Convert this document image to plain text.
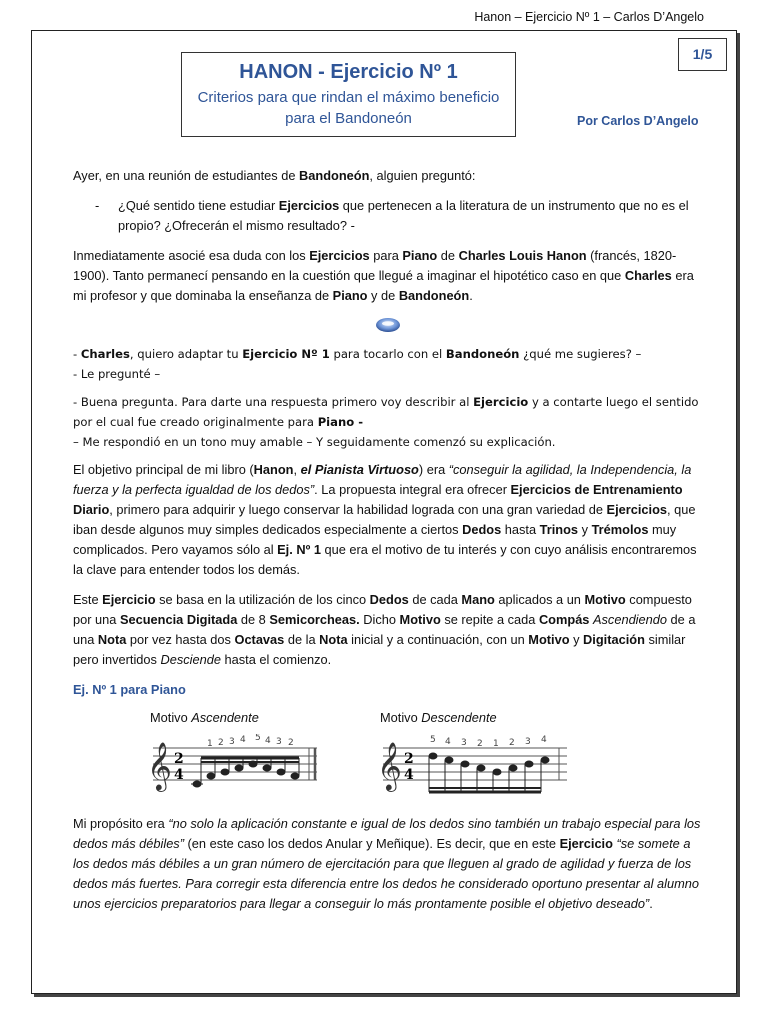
Hanon – Ejercicio Nº 1 – Carlos D’Angelo
1/5
HANON - Ejercicio Nº 1
Criterios para que rindan el máximo beneficio
para el Bandoneón	Por Carlos D’Angelo

Ayer, en una reunión de estudiantes de Bandoneón, alguien preguntó:

-	¿Qué sentido tiene estudiar Ejercicios que pertenecen a la literatura de un instrumento que no es el propio? ¿Ofrecerán el mismo resultado? -

Inmediatamente asocié esa duda con los Ejercicios para Piano de Charles Louis Hanon (francés, 1820-1900). Tanto permanecí pensando en la cuestión que llegué a imaginar el hipotético caso en que Charles era mi profesor y que dominaba la enseñanza de Piano y de Bandoneón.

- Charles, quiero adaptar tu Ejercicio Nº 1 para tocarlo con el Bandoneón ¿qué me sugieres? –
- Le pregunté –

- Buena pregunta. Para darte una respuesta primero voy describir al Ejercicio y a contarte luego el sentido por el cual fue creado originalmente para Piano -
– Me respondió en un tono muy amable – Y seguidamente comenzó su explicación.

El objetivo principal de mi libro (Hanon, el Pianista Virtuoso) era “conseguir la agilidad, la Independencia, la fuerza y la perfecta igualdad de los dedos”. La propuesta integral era ofrecer Ejercicios de Entrenamiento Diario, primero para adquirir y luego conservar la habilidad lograda con una gran variedad de Ejercicios, que iban desde algunos muy simples dedicados especialmente a ciertos Dedos hasta Trinos y Trémolos muy complicados. Pero vayamos sólo al Ej. Nº 1 que era el motivo de tu interés y con cuyo análisis encontraremos la clave para entender todos los demás.

Este Ejercicio se basa en la utilización de los cinco Dedos de cada Mano aplicados a un Motivo compuesto por una Secuencia Digitada de 8 Semicorcheas. Dicho Motivo se repite a cada Compás Ascendiendo de a una Nota por vez hasta dos Octavas de la Nota inicial y a continuación, con un Motivo y Digitación similar pero invertidos Desciende hasta el comienzo.

Ej. Nº 1 para Piano
Motivo Ascendente	Motivo Descendente
𝄞 2
4
1 2 3 4 5 4 3 2 𝄞 2
4
5 4 3 2 1 2 3 4

Mi propósito era “no solo la aplicación constante e igual de los dedos sino también un trabajo especial para los dedos más débiles” (en este caso los dedos Anular y Meñique). Es decir, que en este Ejercicio “se somete a los dedos más débiles a un gran número de ejercitación para que lleguen al grado de agilidad y fuerza de los dedos más fuertes. Para corregir esta diferencia entre los dedos he considerado oportuno presentar al alumno unos ejercicios preparatorios para llegar a conseguir lo más prontamente posible el objetivo deseado”.
